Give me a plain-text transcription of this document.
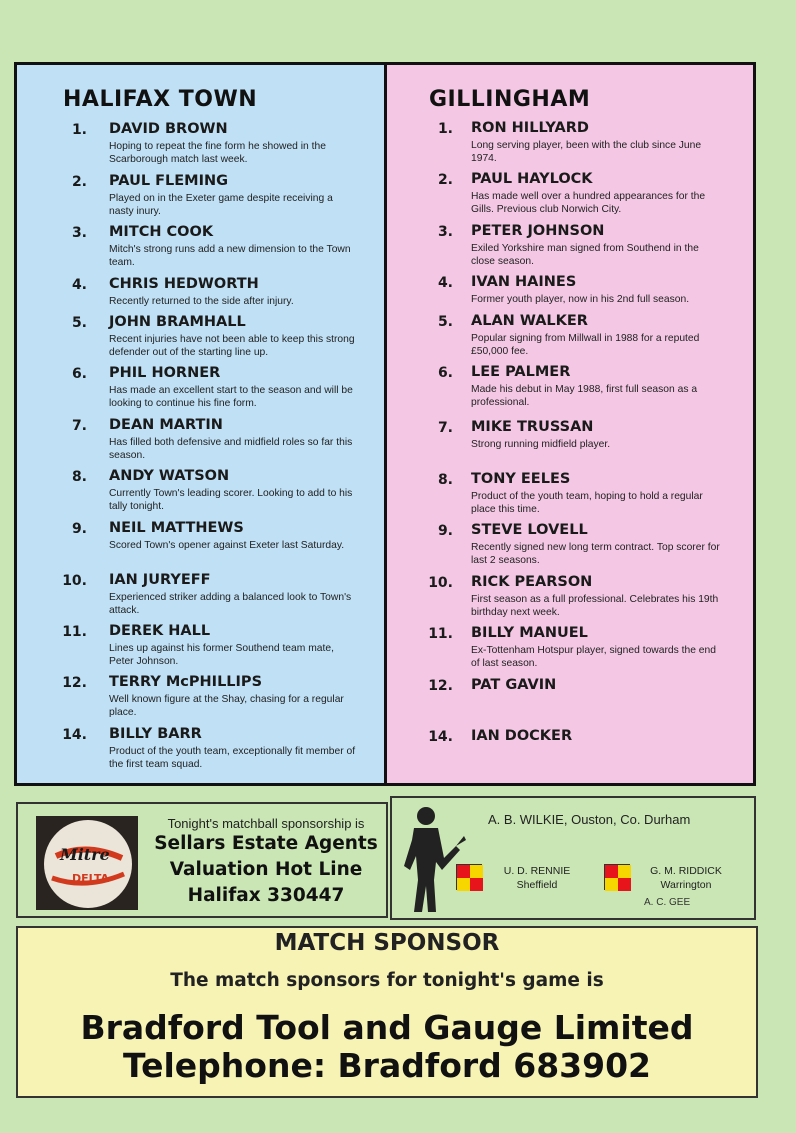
HALIFAX TOWN
1. DAVID BROWN
Hoping to repeat the fine form he showed in the Scarborough match last week.
2. PAUL FLEMING
Played on in the Exeter game despite receiving a nasty inury.
3. MITCH COOK
Mitch's strong runs add a new dimension to the Town team.
4. CHRIS HEDWORTH
Recently returned to the side after injury.
5. JOHN BRAMHALL
Recent injuries have not been able to keep this strong defender out of the starting line up.
6. PHIL HORNER
Has made an excellent start to the season and will be looking to continue his fine form.
7. DEAN MARTIN
Has filled both defensive and midfield roles so far this season.
8. ANDY WATSON
Currently Town's leading scorer. Looking to add to his tally tonight.
9. NEIL MATTHEWS
Scored Town's opener against Exeter last Saturday.
10. IAN JURYEFF
Experienced striker adding a balanced look to Town's attack.
11. DEREK HALL
Lines up against his former Southend team mate, Peter Johnson.
12. TERRY McPHILLIPS
Well known figure at the Shay, chasing for a regular place.
14. BILLY BARR
Product of the youth team, exceptionally fit member of the first team squad.
GILLINGHAM
1. RON HILLYARD
Long serving player, been with the club since June 1974.
2. PAUL HAYLOCK
Has made well over a hundred appearances for the Gills. Previous club Norwich City.
3. PETER JOHNSON
Exiled Yorkshire man signed from Southend in the close season.
4. IVAN HAINES
Former youth player, now in his 2nd full season.
5. ALAN WALKER
Popular signing from Millwall in 1988 for a reputed £50,000 fee.
6. LEE PALMER
Made his debut in May 1988, first full season as a professional.
7. MIKE TRUSSAN
Strong running midfield player.
8. TONY EELES
Product of the youth team, hoping to hold a regular place this time.
9. STEVE LOVELL
Recently signed new long term contract. Top scorer for last 2 seasons.
10. RICK PEARSON
First season as a full professional. Celebrates his 19th birthday next week.
11. BILLY MANUEL
Ex-Tottenham Hotspur player, signed towards the end of last season.
12. PAT GAVIN
14. IAN DOCKER
Mitre
DELTA
Tonight's matchball sponsorship is
Sellars Estate Agents
Valuation Hot Line
Halifax 330447
A. B. WILKIE, Ouston, Co. Durham
U. D. RENNIE
Sheffield
G. M. RIDDICK
Warrington
A. C. GEE
MATCH SPONSOR
The match sponsors for tonight's game is
Bradford Tool and Gauge Limited
Telephone: Bradford 683902
